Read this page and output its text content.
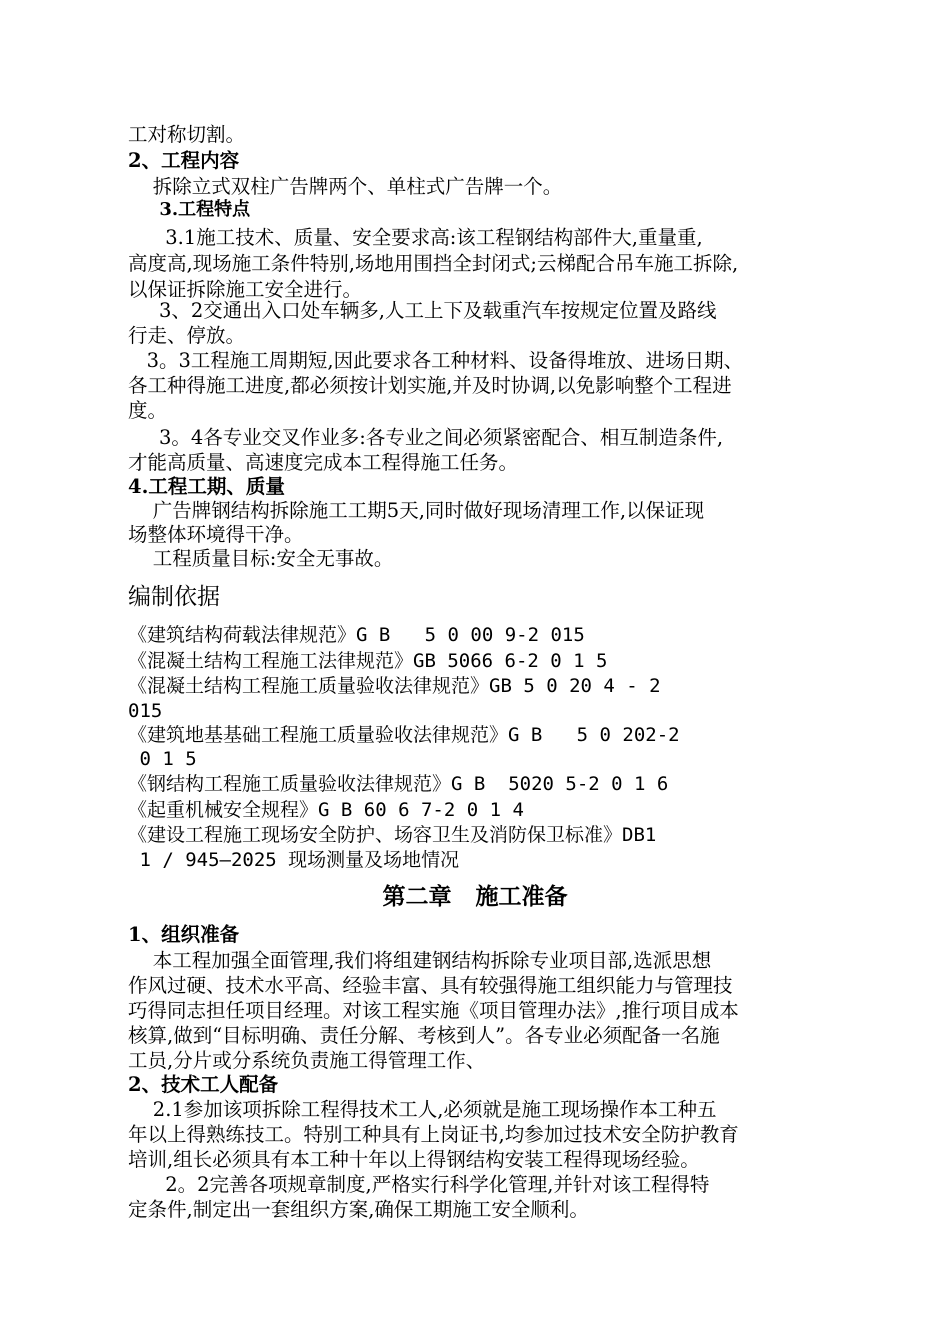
工对称切割。
2、工程内容
拆除立式双柱广告牌两个、单柱式广告牌一个。
3.工程特点
3.1施工技术、质量、安全要求高:该工程钢结构部件大,重量重,
高度高,现场施工条件特别,场地用围挡全封闭式;云梯配合吊车施工拆除,
以保证拆除施工安全进行。
3、2交通出入口处车辆多,人工上下及载重汽车按规定位置及路线
行走、停放。
3。3工程施工周期短,因此要求各工种材料、设备得堆放、进场日期、
各工种得施工进度,都必须按计划实施,并及时协调,以免影响整个工程进
度。
3。4各专业交叉作业多:各专业之间必须紧密配合、相互制造条件,
才能高质量、高速度完成本工程得施工任务。
4.工程工期、质量
广告牌钢结构拆除施工工期5天,同时做好现场清理工作,以保证现
场整体环境得干净。
工程质量目标:安全无事故。
编制依据
《建筑结构荷载法律规范》G B   5 0 00 9-2 015
《混凝土结构工程施工法律规范》GB 5066 6-2 0 1 5
《混凝土结构工程施工质量验收法律规范》GB 5 0 20 4 - 2
015
《建筑地基基础工程施工质量验收法律规范》G B   5 0 202-2
0 1 5
《钢结构工程施工质量验收法律规范》G B  5020 5-2 0 1 6
《起重机械安全规程》G B 60 6 7-2 0 1 4
《建设工程施工现场安全防护、场容卫生及消防保卫标准》DB1
1 / 945—2025 现场测量及场地情况
第二章   施工准备
1、组织准备
本工程加强全面管理,我们将组建钢结构拆除专业项目部,选派思想
作风过硬、技术水平高、经验丰富、具有较强得施工组织能力与管理技
巧得同志担任项目经理。对该工程实施《项目管理办法》,推行项目成本
核算,做到“目标明确、责任分解、考核到人”。各专业必须配备一名施
工员,分片或分系统负责施工得管理工作、
2、技术工人配备
2.1参加该项拆除工程得技术工人,必须就是施工现场操作本工种五
年以上得熟练技工。特别工种具有上岗证书,均参加过技术安全防护教育
培训,组长必须具有本工种十年以上得钢结构安装工程得现场经验。
2。2完善各项规章制度,严格实行科学化管理,并针对该工程得特
定条件,制定出一套组织方案,确保工期施工安全顺利。
